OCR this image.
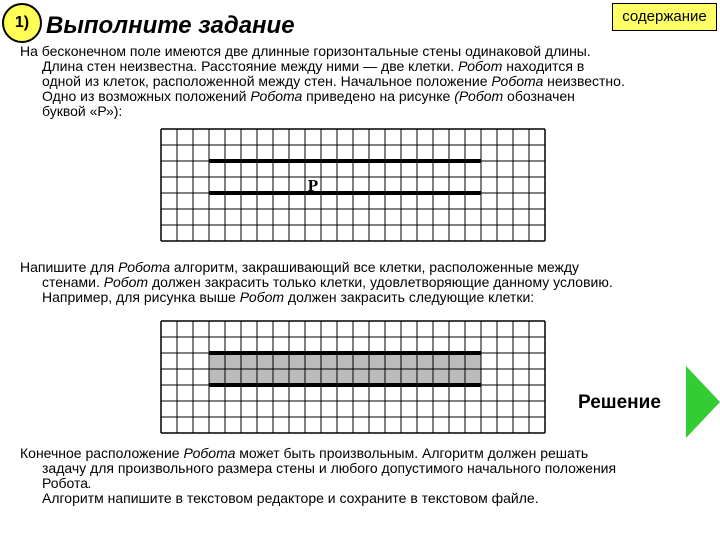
1) Выполните задание	содержание

На бесконечном поле имеются две длинные горизонтальные стены одинаковой длины.
Длина стен неизвестна. Расстояние между ними — две клетки. Робот находится в
одной из клеток, расположенной между стен. Начальное положение Робота неизвестно.
Одно из возможных положений Робота приведено на рисунке (Робот обозначен
буквой «Р»):

Р

Напишите для Робота алгоритм, закрашивающий все клетки, расположенные между
стенами. Робот должен закрасить только клетки, удовлетворяющие данному условию.
Например, для рисунка выше Робот должен закрасить следующие клетки:

Решение

Конечное расположение Робота может быть произвольным. Алгоритм должен решать
задачу для произвольного размера стены и любого допустимого начального положения
Робота.
Алгоритм напишите в текстовом редакторе и сохраните в текстовом файле.
